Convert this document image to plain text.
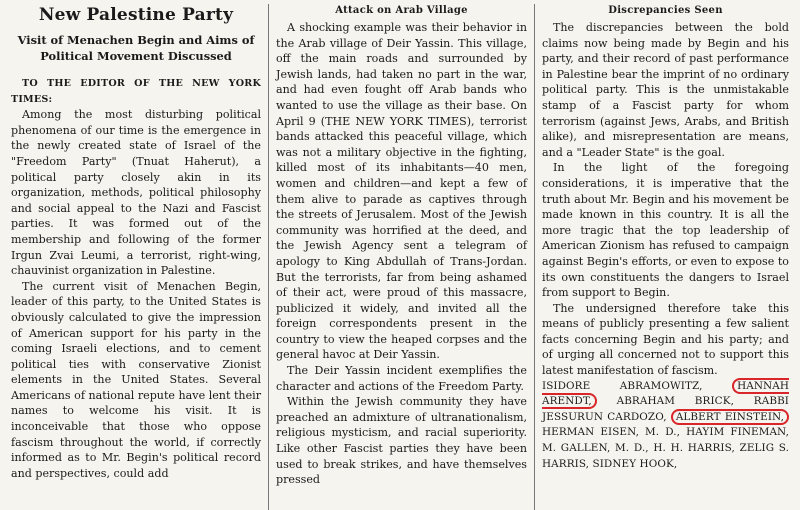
New Palestine Party
Visit of Menachen Begin and Aims of
Political Movement Discussed

TO THE EDITOR OF THE NEW YORK TIMES:

Among the most disturbing political phenomena of our time is the emergence in the newly created state of Israel of the "Freedom Party" (Tnuat Haherut), a political party closely akin in its organization, methods, political philosophy and social appeal to the Nazi and Fascist parties. It was formed out of the membership and following of the former Irgun Zvai Leumi, a terrorist, right-wing, chauvinist organization in Palestine.

The current visit of Menachen Begin, leader of this party, to the United States is obviously calculated to give the impression of American support for his party in the coming Israeli elections, and to cement political ties with conservative Zionist elements in the United States. Several Americans of national repute have lent their names to welcome his visit. It is inconceivable that those who oppose fascism throughout the world, if correctly informed as to Mr. Begin's political record and perspectives, could add

Attack on Arab Village

A shocking example was their behavior in the Arab village of Deir Yassin. This village, off the main roads and surrounded by Jewish lands, had taken no part in the war, and had even fought off Arab bands who wanted to use the village as their base. On April 9 (THE NEW YORK TIMES), terrorist bands attacked this peaceful village, which was not a military objective in the fighting, killed most of its inhabitants—40 men, women and children—and kept a few of them alive to parade as captives through the streets of Jerusalem. Most of the Jewish community was horrified at the deed, and the Jewish Agency sent a telegram of apology to King Abdullah of Trans-Jordan. But the terrorists, far from being ashamed of their act, were proud of this massacre, publicized it widely, and invited all the foreign correspondents present in the country to view the heaped corpses and the general havoc at Deir Yassin.

The Deir Yassin incident exemplifies the character and actions of the Freedom Party.

Within the Jewish community they have preached an admixture of ultranationalism, religious mysticism, and racial superiority. Like other Fascist parties they have been used to break strikes, and have themselves pressed

Discrepancies Seen

The discrepancies between the bold claims now being made by Begin and his party, and their record of past performance in Palestine bear the imprint of no ordinary political party. This is the unmistakable stamp of a Fascist party for whom terrorism (against Jews, Arabs, and British alike), and misrepresentation are means, and a "Leader State" is the goal.

In the light of the foregoing considerations, it is imperative that the truth about Mr. Begin and his movement be made known in this country. It is all the more tragic that the top leadership of American Zionism has refused to campaign against Begin's efforts, or even to expose to its own constituents the dangers to Israel from support to Begin.

The undersigned therefore take this means of publicly presenting a few salient facts concerning Begin and his party; and of urging all concerned not to support this latest manifestation of fascism.

ISIDORE ABRAMOWITZ,	HANNAH ARENDT, ABRAHAM BRICK, RABBI JESSURUN CARDOZO, ALBERT EINSTEIN, HERMAN EISEN, M. D., HAYIM FINEMAN, M. GALLEN, M. D., H. H. HARRIS, ZELIG S. HARRIS, SIDNEY HOOK,
